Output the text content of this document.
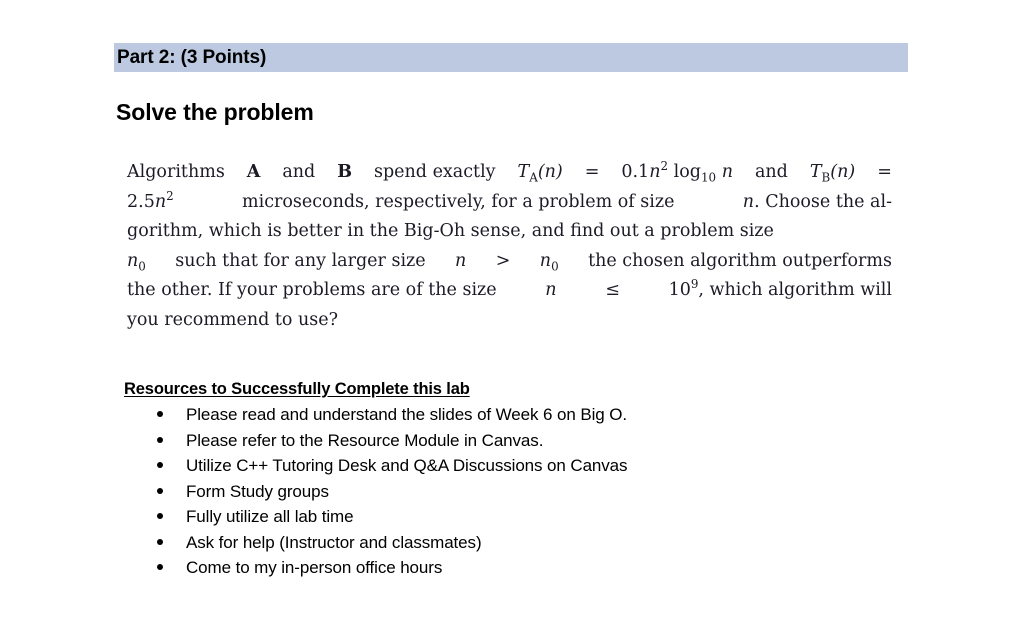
Part 2: (3 Points)
Solve the problem
Algorithms A and B spend exactly $T_A(n) = 0.1n^2$ $\log_{10} n$ and $T_B(n)$ =
$2.5n^2$	microseconds, respectively, for a problem of size	n. Choose the al-
gorithm, which is better in the Big-Oh sense, and find out a problem size
$n_0$ such that for any larger size $n > n_0$ the chosen algorithm outperforms
the other. If your problems are of the size	n	≤	$10^9$, which algorithm will
you recommend to use?
Resources to Successfully Complete this lab
Please read and understand the slides of Week 6 on Big O.
Please refer to the Resource Module in Canvas.
Utilize C++ Tutoring Desk and Q&A Discussions on Canvas
Form Study groups
Fully utilize all lab time
Ask for help (Instructor and classmates)
Come to my in-person office hours
